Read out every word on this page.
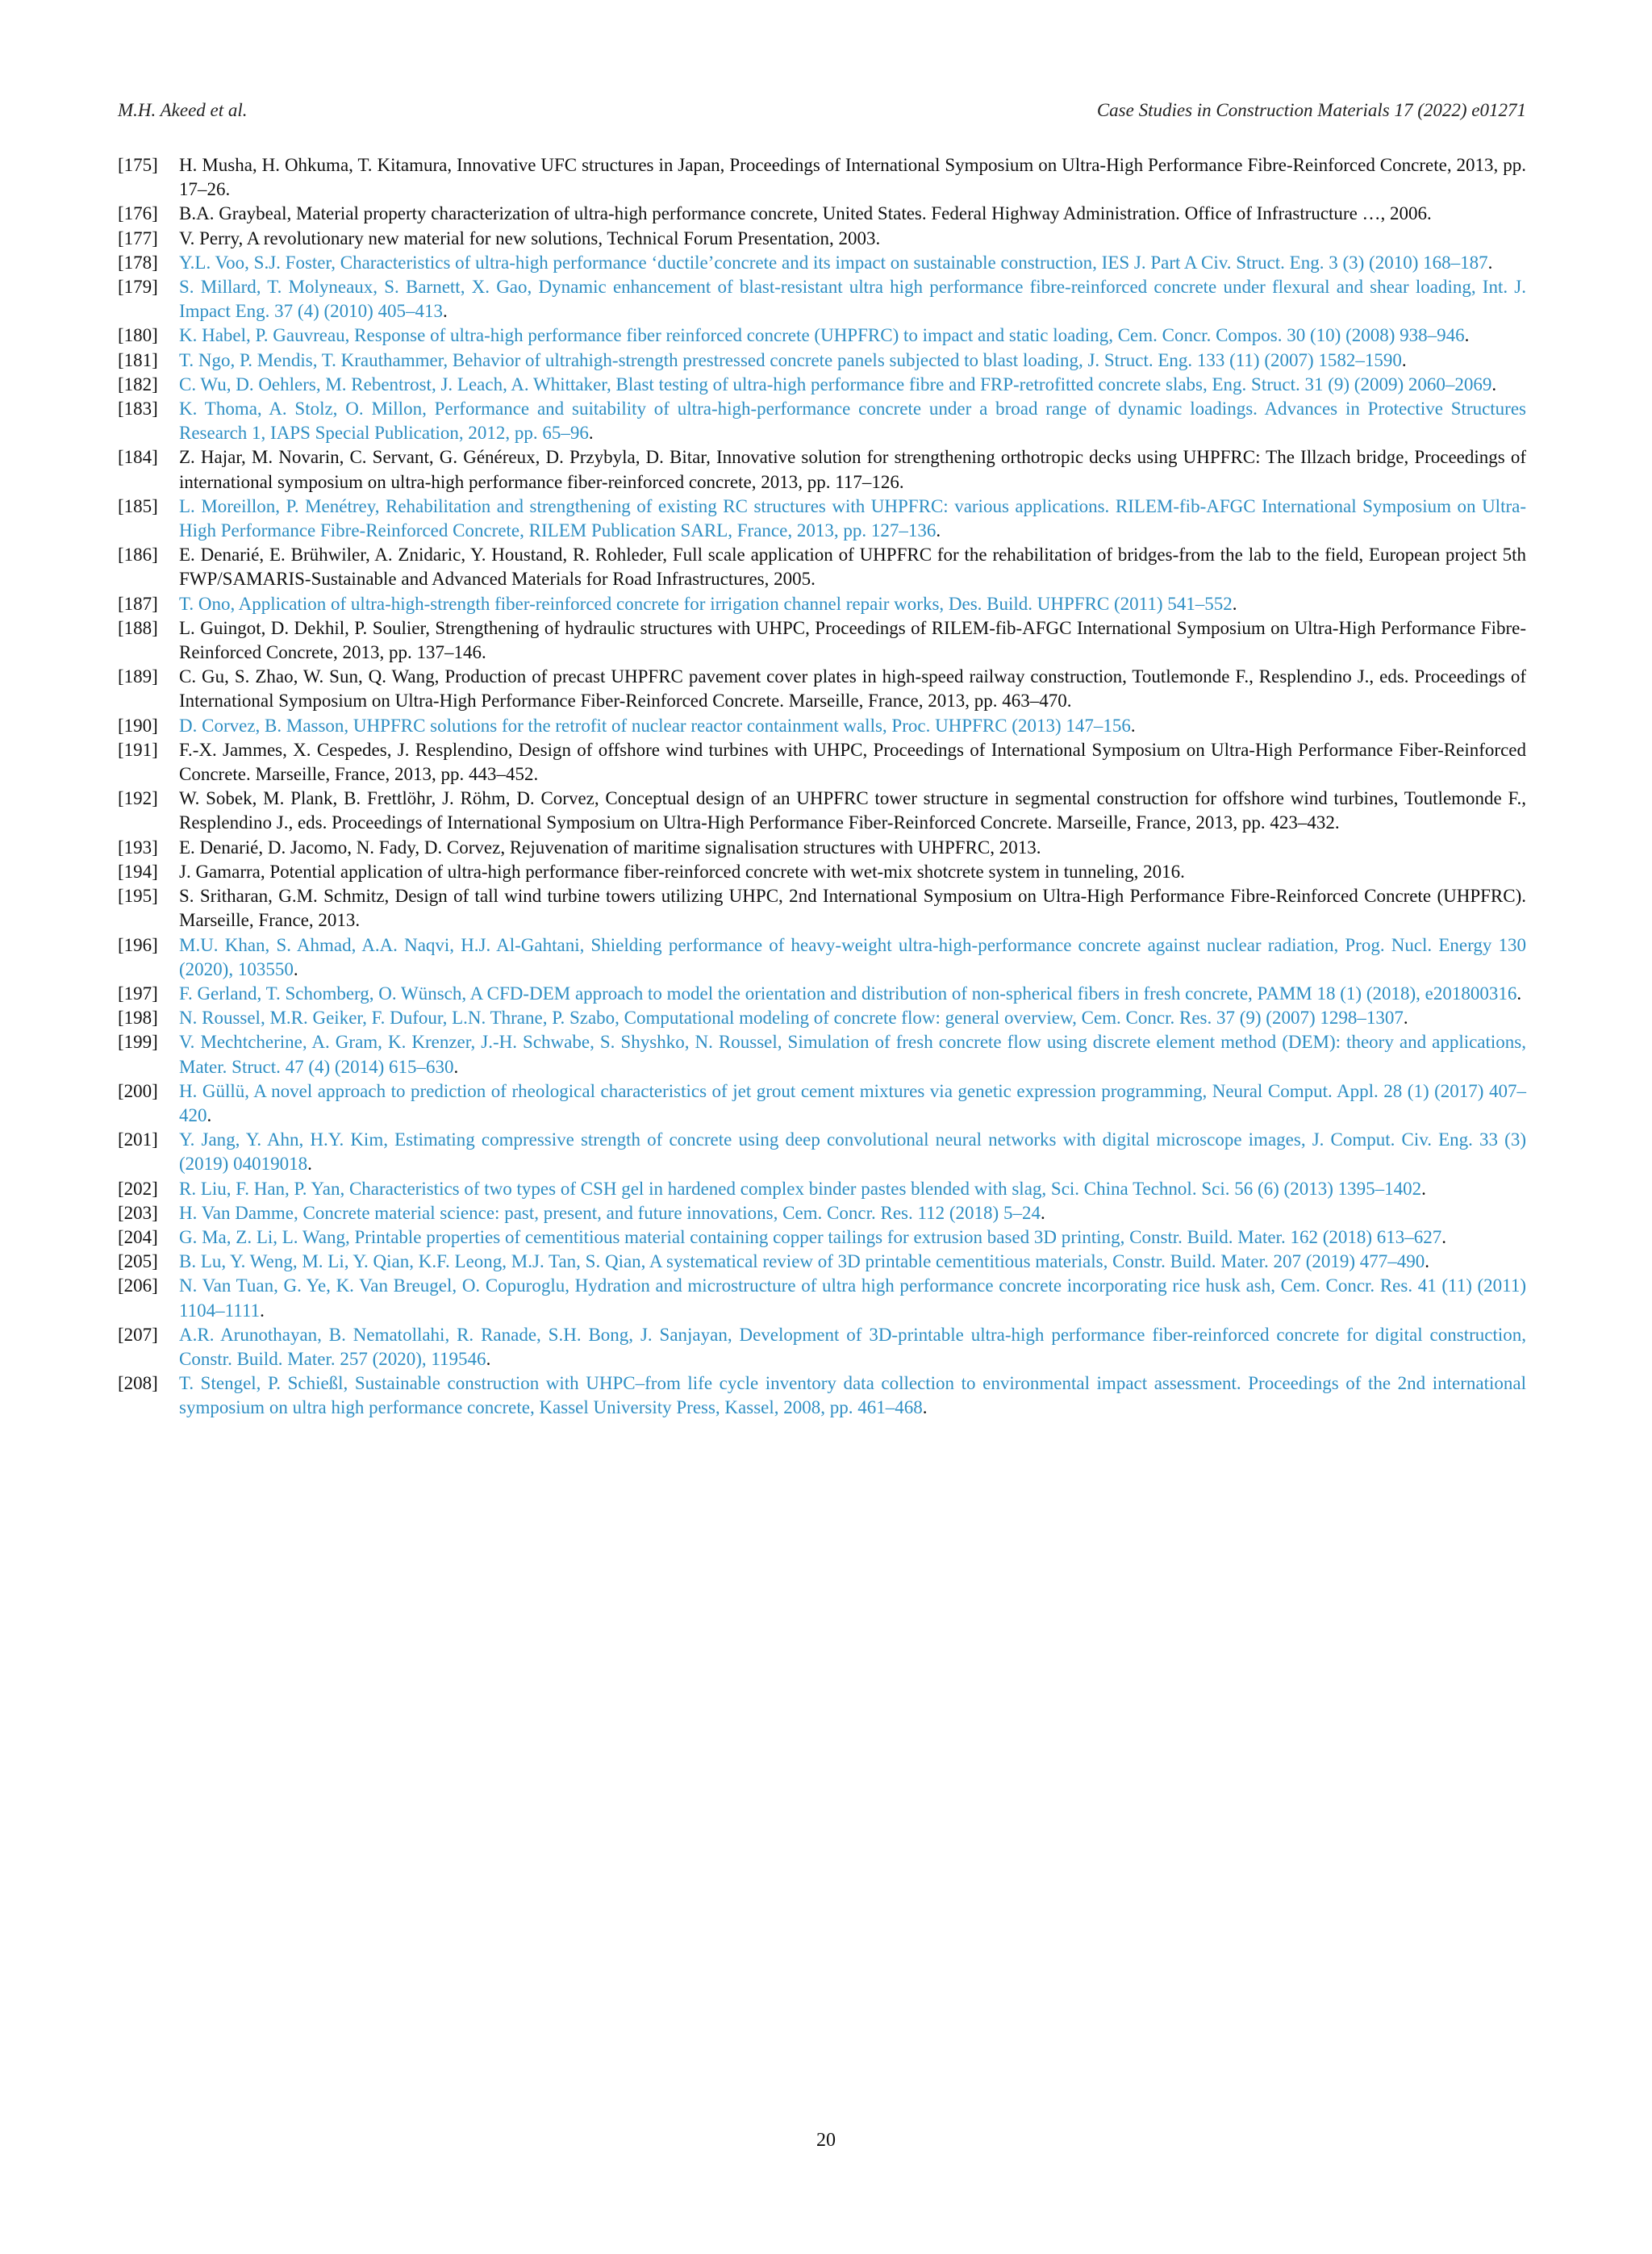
M.H. Akeed et al.	Case Studies in Construction Materials 17 (2022) e01271
[175] H. Musha, H. Ohkuma, T. Kitamura, Innovative UFC structures in Japan, Proceedings of International Symposium on Ultra-High Performance Fibre-Reinforced Concrete, 2013, pp. 17–26.
[176] B.A. Graybeal, Material property characterization of ultra-high performance concrete, United States. Federal Highway Administration. Office of Infrastructure …, 2006.
[177] V. Perry, A revolutionary new material for new solutions, Technical Forum Presentation, 2003.
[178] Y.L. Voo, S.J. Foster, Characteristics of ultra-high performance ‘ductile’concrete and its impact on sustainable construction, IES J. Part A Civ. Struct. Eng. 3 (3) (2010) 168–187.
[179] S. Millard, T. Molyneaux, S. Barnett, X. Gao, Dynamic enhancement of blast-resistant ultra high performance fibre-reinforced concrete under flexural and shear loading, Int. J. Impact Eng. 37 (4) (2010) 405–413.
[180] K. Habel, P. Gauvreau, Response of ultra-high performance fiber reinforced concrete (UHPFRC) to impact and static loading, Cem. Concr. Compos. 30 (10) (2008) 938–946.
[181] T. Ngo, P. Mendis, T. Krauthammer, Behavior of ultrahigh-strength prestressed concrete panels subjected to blast loading, J. Struct. Eng. 133 (11) (2007) 1582–1590.
[182] C. Wu, D. Oehlers, M. Rebentrost, J. Leach, A. Whittaker, Blast testing of ultra-high performance fibre and FRP-retrofitted concrete slabs, Eng. Struct. 31 (9) (2009) 2060–2069.
[183] K. Thoma, A. Stolz, O. Millon, Performance and suitability of ultra-high-performance concrete under a broad range of dynamic loadings. Advances in Protective Structures Research 1, IAPS Special Publication, 2012, pp. 65–96.
[184] Z. Hajar, M. Novarin, C. Servant, G. Généreux, D. Przybyla, D. Bitar, Innovative solution for strengthening orthotropic decks using UHPFRC: The Illzach bridge, Proceedings of international symposium on ultra-high performance fiber-reinforced concrete, 2013, pp. 117–126.
[185] L. Moreillon, P. Menétrey, Rehabilitation and strengthening of existing RC structures with UHPFRC: various applications. RILEM-fib-AFGC International Symposium on Ultra-High Performance Fibre-Reinforced Concrete, RILEM Publication SARL, France, 2013, pp. 127–136.
[186] E. Denarié, E. Brühwiler, A. Znidaric, Y. Houstand, R. Rohleder, Full scale application of UHPFRC for the rehabilitation of bridges-from the lab to the field, European project 5th FWP/SAMARIS-Sustainable and Advanced Materials for Road Infrastructures, 2005.
[187] T. Ono, Application of ultra-high-strength fiber-reinforced concrete for irrigation channel repair works, Des. Build. UHPFRC (2011) 541–552.
[188] L. Guingot, D. Dekhil, P. Soulier, Strengthening of hydraulic structures with UHPC, Proceedings of RILEM-fib-AFGC International Symposium on Ultra-High Performance Fibre-Reinforced Concrete, 2013, pp. 137–146.
[189] C. Gu, S. Zhao, W. Sun, Q. Wang, Production of precast UHPFRC pavement cover plates in high-speed railway construction, Toutlemonde F., Resplendino J., eds. Proceedings of International Symposium on Ultra-High Performance Fiber-Reinforced Concrete. Marseille, France, 2013, pp. 463–470.
[190] D. Corvez, B. Masson, UHPFRC solutions for the retrofit of nuclear reactor containment walls, Proc. UHPFRC (2013) 147–156.
[191] F.-X. Jammes, X. Cespedes, J. Resplendino, Design of offshore wind turbines with UHPC, Proceedings of International Symposium on Ultra-High Performance Fiber-Reinforced Concrete. Marseille, France, 2013, pp. 443–452.
[192] W. Sobek, M. Plank, B. Frettlöhr, J. Röhm, D. Corvez, Conceptual design of an UHPFRC tower structure in segmental construction for offshore wind turbines, Toutlemonde F., Resplendino J., eds. Proceedings of International Symposium on Ultra-High Performance Fiber-Reinforced Concrete. Marseille, France, 2013, pp. 423–432.
[193] E. Denarié, D. Jacomo, N. Fady, D. Corvez, Rejuvenation of maritime signalisation structures with UHPFRC, 2013.
[194] J. Gamarra, Potential application of ultra-high performance fiber-reinforced concrete with wet-mix shotcrete system in tunneling, 2016.
[195] S. Sritharan, G.M. Schmitz, Design of tall wind turbine towers utilizing UHPC, 2nd International Symposium on Ultra-High Performance Fibre-Reinforced Concrete (UHPFRC). Marseille, France, 2013.
[196] M.U. Khan, S. Ahmad, A.A. Naqvi, H.J. Al-Gahtani, Shielding performance of heavy-weight ultra-high-performance concrete against nuclear radiation, Prog. Nucl. Energy 130 (2020), 103550.
[197] F. Gerland, T. Schomberg, O. Wünsch, A CFD-DEM approach to model the orientation and distribution of non-spherical fibers in fresh concrete, PAMM 18 (1) (2018), e201800316.
[198] N. Roussel, M.R. Geiker, F. Dufour, L.N. Thrane, P. Szabo, Computational modeling of concrete flow: general overview, Cem. Concr. Res. 37 (9) (2007) 1298–1307.
[199] V. Mechtcherine, A. Gram, K. Krenzer, J.-H. Schwabe, S. Shyshko, N. Roussel, Simulation of fresh concrete flow using discrete element method (DEM): theory and applications, Mater. Struct. 47 (4) (2014) 615–630.
[200] H. Güllü, A novel approach to prediction of rheological characteristics of jet grout cement mixtures via genetic expression programming, Neural Comput. Appl. 28 (1) (2017) 407–420.
[201] Y. Jang, Y. Ahn, H.Y. Kim, Estimating compressive strength of concrete using deep convolutional neural networks with digital microscope images, J. Comput. Civ. Eng. 33 (3) (2019) 04019018.
[202] R. Liu, F. Han, P. Yan, Characteristics of two types of CSH gel in hardened complex binder pastes blended with slag, Sci. China Technol. Sci. 56 (6) (2013) 1395–1402.
[203] H. Van Damme, Concrete material science: past, present, and future innovations, Cem. Concr. Res. 112 (2018) 5–24.
[204] G. Ma, Z. Li, L. Wang, Printable properties of cementitious material containing copper tailings for extrusion based 3D printing, Constr. Build. Mater. 162 (2018) 613–627.
[205] B. Lu, Y. Weng, M. Li, Y. Qian, K.F. Leong, M.J. Tan, S. Qian, A systematical review of 3D printable cementitious materials, Constr. Build. Mater. 207 (2019) 477–490.
[206] N. Van Tuan, G. Ye, K. Van Breugel, O. Copuroglu, Hydration and microstructure of ultra high performance concrete incorporating rice husk ash, Cem. Concr. Res. 41 (11) (2011) 1104–1111.
[207] A.R. Arunothayan, B. Nematollahi, R. Ranade, S.H. Bong, J. Sanjayan, Development of 3D-printable ultra-high performance fiber-reinforced concrete for digital construction, Constr. Build. Mater. 257 (2020), 119546.
[208] T. Stengel, P. Schießl, Sustainable construction with UHPC–from life cycle inventory data collection to environmental impact assessment. Proceedings of the 2nd international symposium on ultra high performance concrete, Kassel University Press, Kassel, 2008, pp. 461–468.
20
